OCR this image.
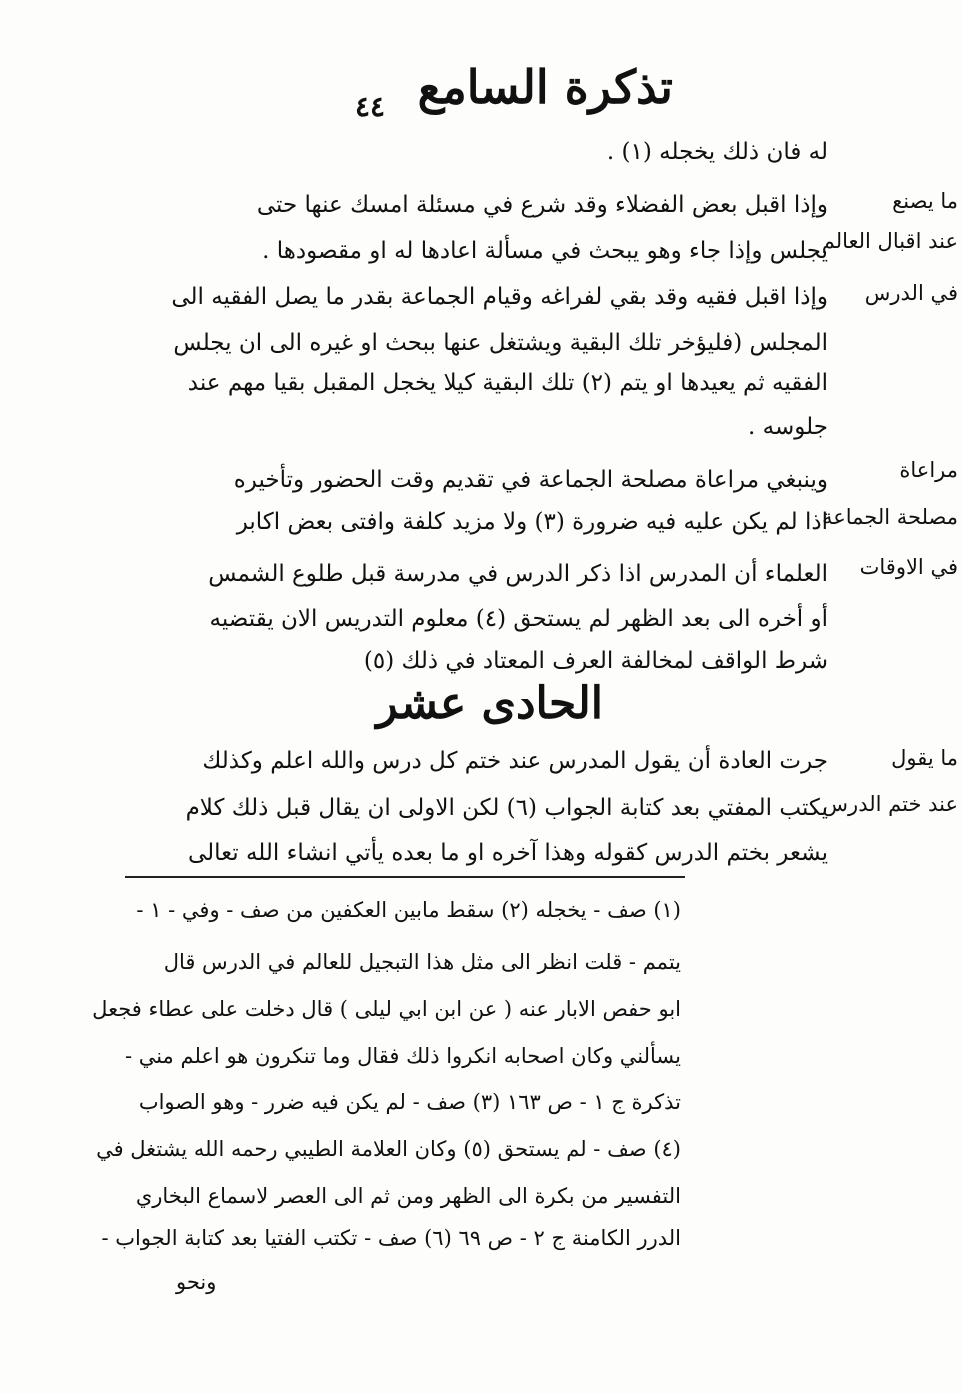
تذكرة السامع
٤٤
له فان ذلك يخجله (١) .
وإذا اقبل بعض الفضلاء وقد شرع في مسئلة امسك عنها حتى
يجلس وإذا جاء وهو يبحث في مسألة اعادها له او مقصودها .
وإذا اقبل فقيه وقد بقي لفراغه وقيام الجماعة بقدر ما يصل الفقيه الى
المجلس (فليؤخر تلك البقية ويشتغل عنها ببحث او غيره الى ان يجلس
الفقيه ثم يعيدها او يتم (٢) تلك البقية كيلا يخجل المقبل بقيا مهم عند
جلوسه .
وينبغي مراعاة مصلحة الجماعة في تقديم وقت الحضور وتأخيره
اذا لم يكن عليه فيه ضرورة (٣) ولا مزيد كلفة وافتى بعض اكابر
العلماء أن المدرس اذا ذكر الدرس في مدرسة قبل طلوع الشمس
أو أخره الى بعد الظهر لم يستحق (٤) معلوم التدريس الان يقتضيه
شرط الواقف لمخالفة العرف المعتاد في ذلك (٥)
الحادى عشر
جرت العادة أن يقول المدرس عند ختم كل درس والله اعلم وكذلك
يكتب المفتي بعد كتابة الجواب (٦) لكن الاولى ان يقال قبل ذلك كلام
يشعر بختم الدرس كقوله وهذا آخره او ما بعده يأتي انشاء الله تعالى
ما يصنع
عند اقبال العالم
في الدرس
مراعاة
مصلحة الجماعة
في الاوقات
ما يقول
عند ختم الدرس
(١) صف - يخجله (٢) سقط مابين العكفين من صف - وفي - ١ -
يتمم - قلت انظر الى مثل هذا التبجيل للعالم في الدرس قال
ابو حفص الابار عنه ( عن ابن ابي ليلى ) قال دخلت على عطاء فجعل
يسألني وكان اصحابه انكروا ذلك فقال وما تنكرون هو اعلم مني -
تذكرة ج ١ - ص ١٦٣ (٣) صف - لم يكن فيه ضرر - وهو الصواب
(٤) صف - لم يستحق (٥) وكان العلامة الطيبي رحمه الله يشتغل في
التفسير من بكرة الى الظهر ومن ثم الى العصر لاسماع البخاري
الدرر الكامنة ج ٢ - ص ٦٩ (٦) صف - تكتب الفتيا بعد كتابة الجواب -
ونحو
